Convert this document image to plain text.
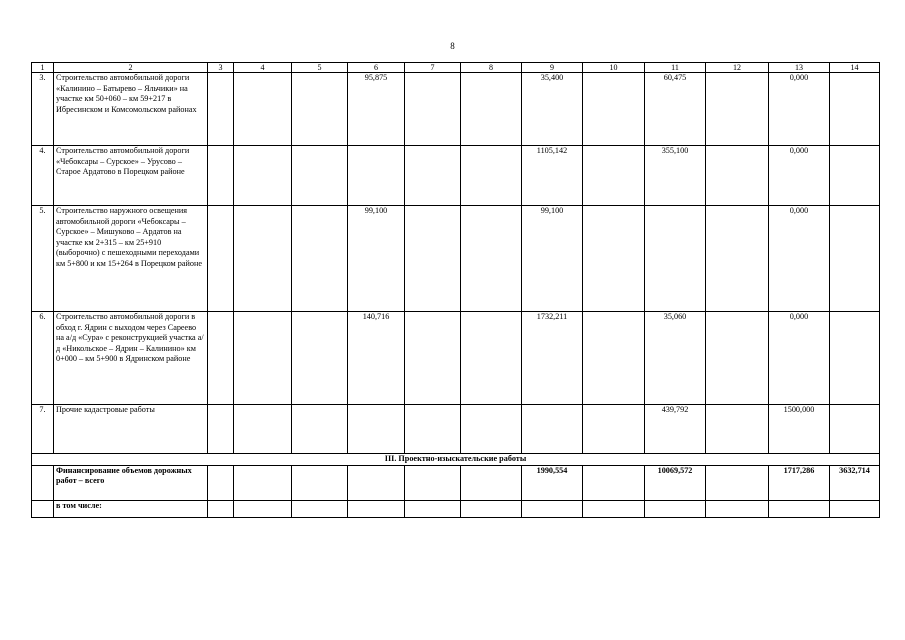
8
1	2	3	4	5	6	7	8	9	10	11	12	13	14
3.	Строительство автомобильной дороги «Калинино – Батырево – Яльчики» на участке км 50+060 – км 59+217 в Ибресинском и Комсомольском районах				95,875			35,400		60,475		0,000	
4.	Строительство автомобильной дороги «Чебоксары – Сурское» – Урусово – Старое Ардатово в Порецком районе							1105,142		355,100		0,000	
5.	Строительство наружного освещения автомобильной дороги «Чебоксары – Сурское» – Мишуково – Ардатов на участке км 2+315 – км 25+910 (выборочно) с пешеходными переходами км 5+800 и км 15+264 в Порецком районе				99,100			99,100				0,000	
6.	Строительство автомобильной дороги в обход г. Ядрин с выходом через Сареево на а/д «Сура» с реконструкцией участка а/д «Никольское – Ядрин – Калинино» км 0+000 – км 5+900 в Ядринском районе				140,716			1732,211		35,060		0,000	
7.	Прочие кадастровые работы									439,792		1500,000	
III. Проектно-изыскательские работы													
	Финансирование объемов дорожных работ – всего							1990,554		10069,572		1717,286	3632,714
	в том числе:												
